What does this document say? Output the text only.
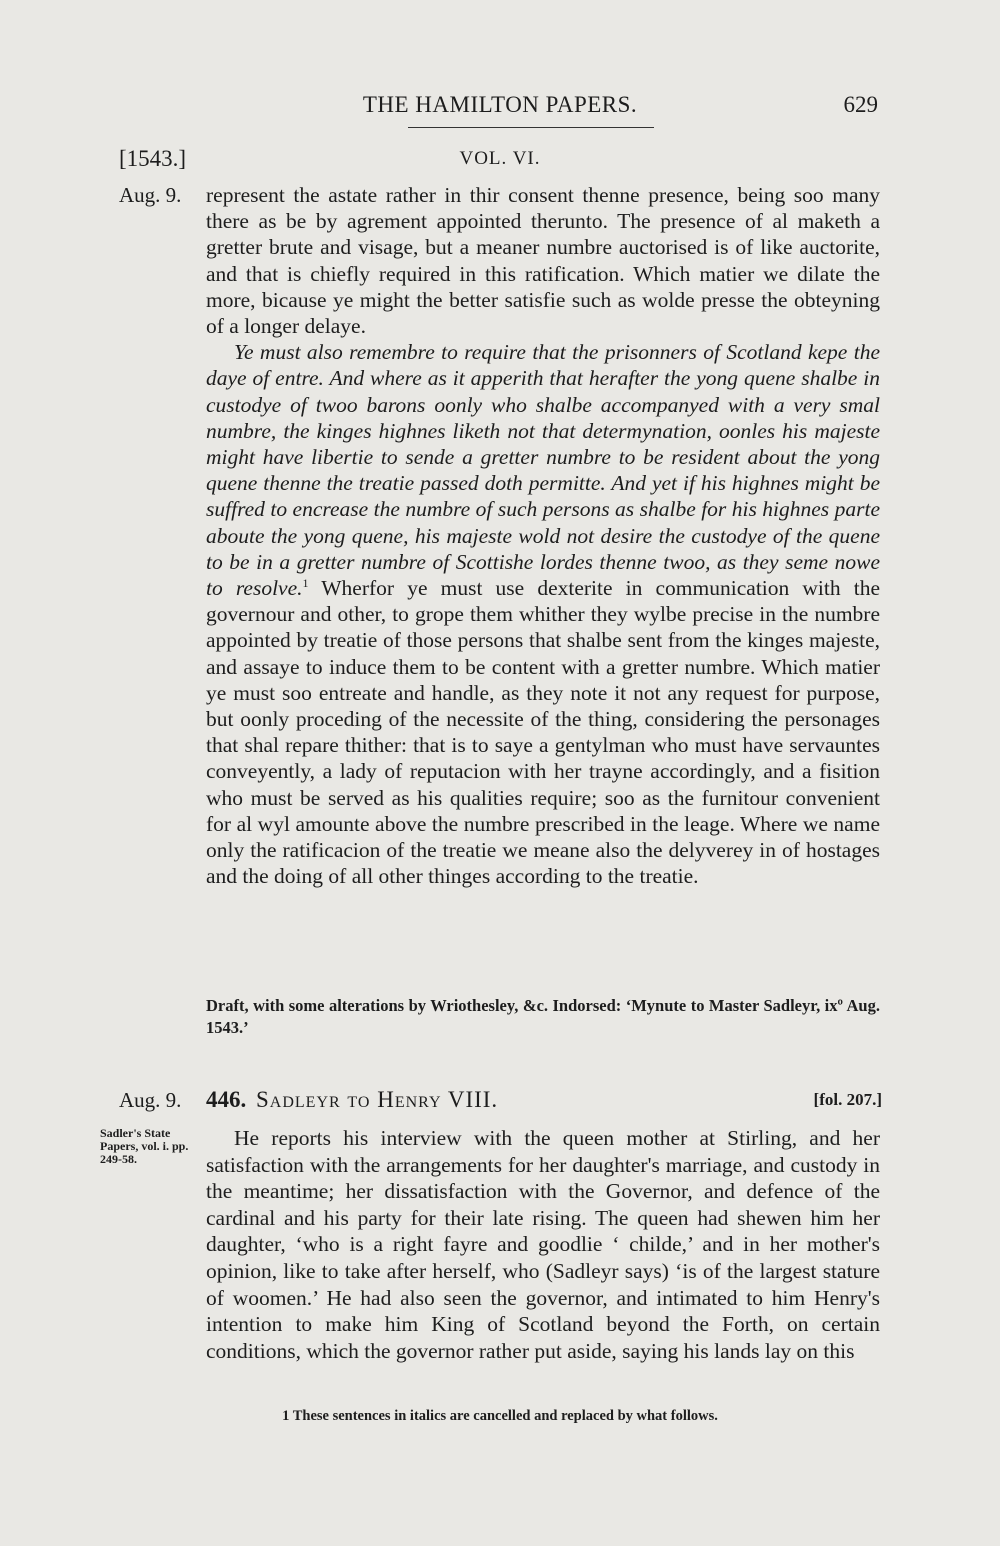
THE HAMILTON PAPERS.	629
[1543.]	VOL. VI.
Aug. 9. represent the astate rather in thir consent thenne presence, being soo many there as be by agrement appointed therunto. The presence of al maketh a gretter brute and visage, but a meaner numbre auctorised is of like auctorite, and that is chiefly required in this ratification. Which matier we dilate the more, bicause ye might the better satisfie such as wolde presse the obteyning of a longer delaye.

Ye must also remembre to require that the prisonners of Scotland kepe the daye of entre. And where as it apperith that herafter the yong quene shalbe in custodye of twoo barons oonly who shalbe accompanyed with a very smal numbre, the kinges highnes liketh not that determynation, oonles his majeste might have libertie to sende a gretter numbre to be resident about the yong quene thenne the treatie passed doth permitte. And yet if his highnes might be suffred to encrease the numbre of such persons as shalbe for his highnes parte aboute the yong quene, his majeste wold not desire the custodye of the quene to be in a gretter numbre of Scottishe lordes thenne twoo, as they seme nowe to resolve.$^1$ Wherfor ye must use dexterite in communication with the governour and other, to grope them whither they wylbe precise in the numbre appointed by treatie of those persons that shalbe sent from the kinges majeste, and assaye to induce them to be content with a gretter numbre. Which matier ye must soo entreate and handle, as they note it not any request for purpose, but oonly proceding of the necessite of the thing, considering the personages that shal repare thither: that is to saye a gentylman who must have servauntes conveyently, a lady of reputacion with her trayne accordingly, and a fisition who must be served as his qualities require; soo as the furnitour convenient for al wyl amounte above the numbre prescribed in the leage. Where we name only the ratificacion of the treatie we meane also the delyverey in of hostages and the doing of all other thinges according to the treatie.

Draft, with some alterations by Wriothesley, &c. Indorsed: ‘Mynute to Master Sadleyr, ixº Aug. 1543.’
Aug. 9. 446. Sadleyr to Henry VIII.	[fol. 207.]
Sadler's State Papers, vol. i. pp. 249-58.
He reports his interview with the queen mother at Stirling, and her satisfaction with the arrangements for her daughter's marriage, and custody in the meantime; her dissatisfaction with the Governor, and defence of the cardinal and his party for their late rising. The queen had shewen him her daughter, ‘who is a right fayre and goodlie ‘ childe,’ and in her mother's opinion, like to take after herself, who (Sadleyr says) ‘is of the largest stature of woomen.’ He had also seen the governor, and intimated to him Henry's intention to make him King of Scotland beyond the Forth, on certain conditions, which the governor rather put aside, saying his lands lay on this
1 These sentences in italics are cancelled and replaced by what follows.
